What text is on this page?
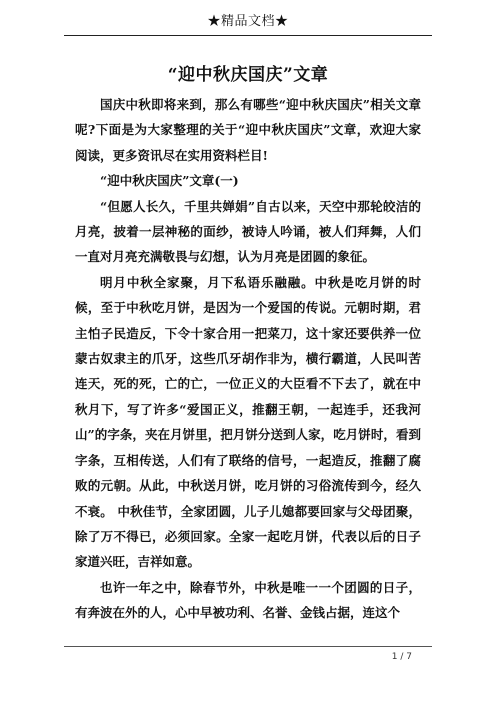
★精品文档★
“迎中秋庆国庆”文章

国庆中秋即将来到，那么有哪些“迎中秋庆国庆”相关文章呢?下面是为大家整理的关于“迎中秋庆国庆”文章，欢迎大家阅读，更多资讯尽在实用资料栏目!

“迎中秋庆国庆”文章(一)

“但愿人长久，千里共婵娟”自古以来，天空中那轮皎洁的月亮，披着一层神秘的面纱，被诗人吟诵，被人们拜舞，人们一直对月亮充满敬畏与幻想，认为月亮是团圆的象征。

明月中秋全家聚，月下私语乐融融。中秋是吃月饼的时候，至于中秋吃月饼，是因为一个爱国的传说。元朝时期，君主怕子民造反，下令十家合用一把菜刀，这十家还要供养一位蒙古奴隶主的爪牙，这些爪牙胡作非为，横行霸道，人民叫苦连天，死的死，亡的亡，一位正义的大臣看不下去了，就在中秋月下，写了许多“爱国正义，推翻王朝，一起连手，还我河山”的字条，夹在月饼里，把月饼分送到人家，吃月饼时，看到字条，互相传送，人们有了联络的信号，一起造反，推翻了腐败的元朝。从此，中秋送月饼，吃月饼的习俗流传到今，经久不衰。 中秋佳节，全家团圆，儿子儿媳都要回家与父母团聚，除了万不得已，必须回家。全家一起吃月饼，代表以后的日子家道兴旺，吉祥如意。

也许一年之中，除春节外，中秋是唯一一个团圆的日子，有奔波在外的人，心中早被功利、名誉、金钱占据，连这个

1 / 7
